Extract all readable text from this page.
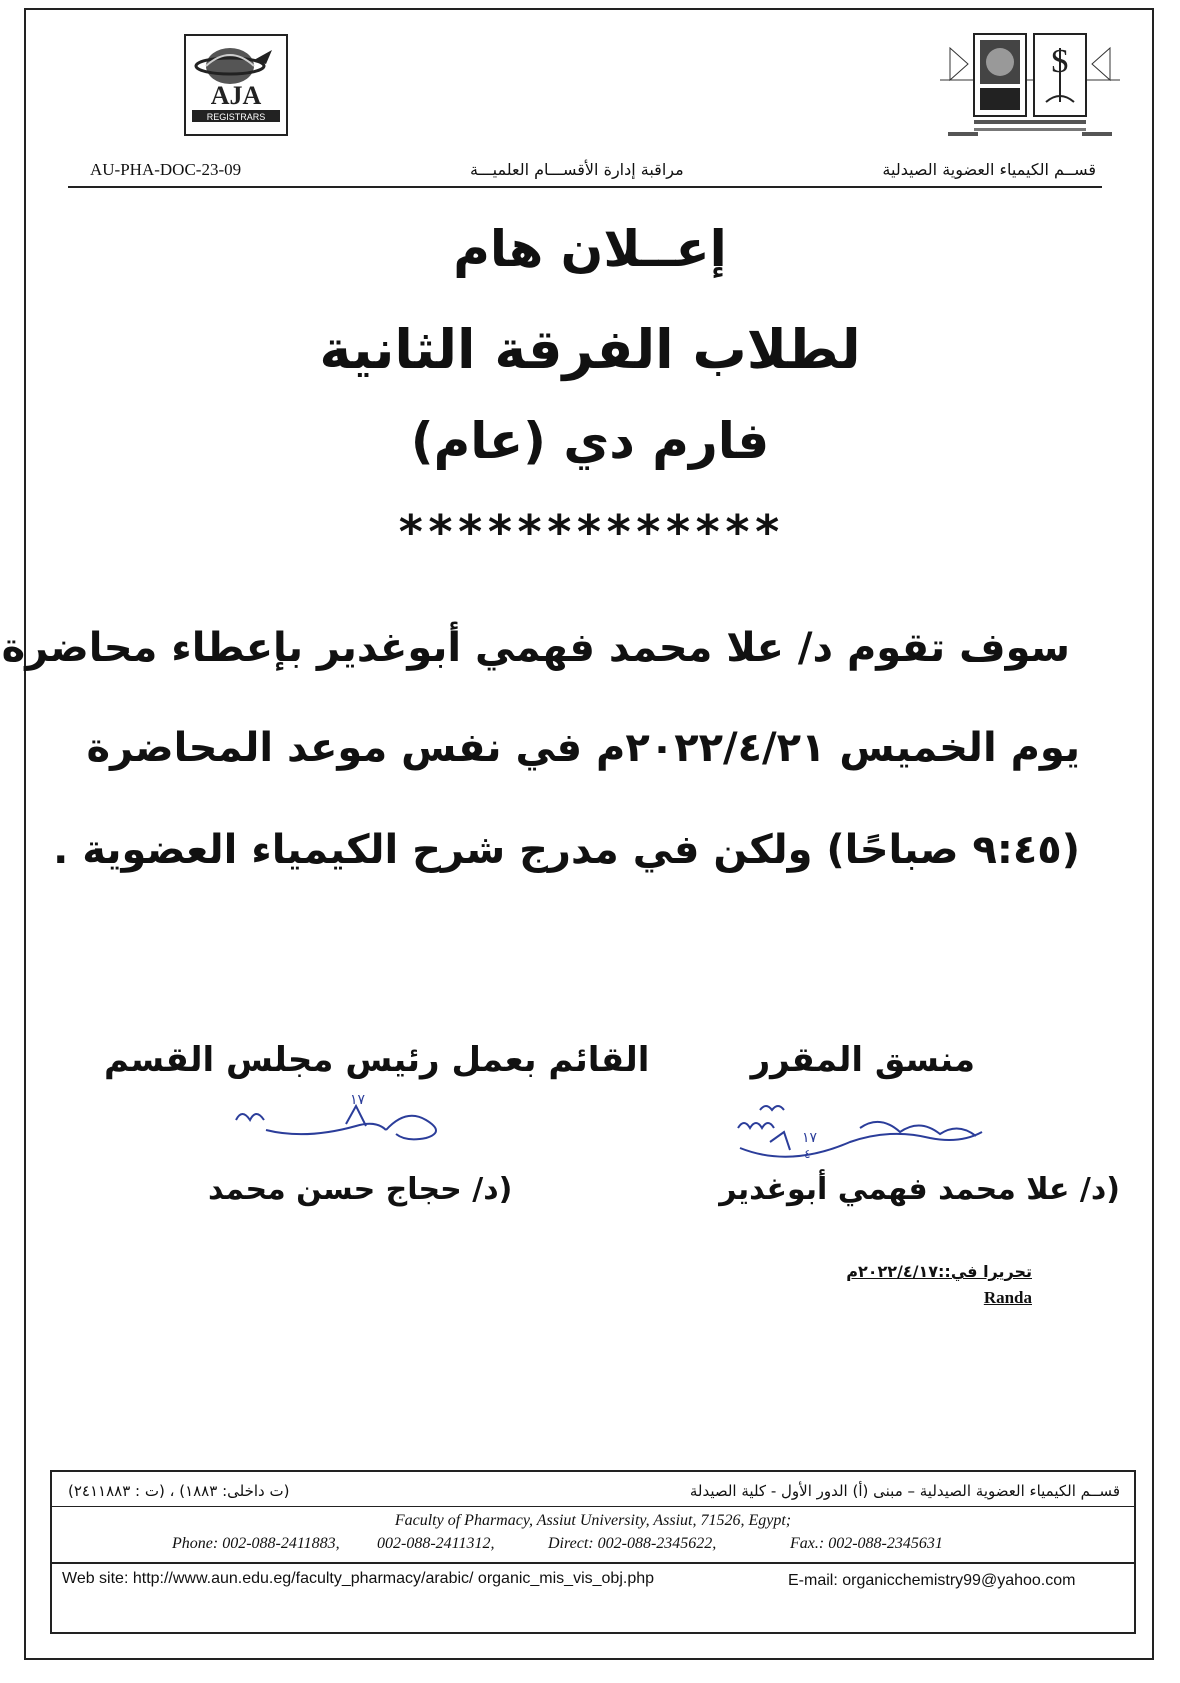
AJA
REGISTRARS
S
AU-PHA-DOC-23-09	مراقبة إدارة الأقســـام العلميـــة	قســم الكيمياء العضوية الصيدلية
إعــلان هام
لطلاب الفرقة الثانية
فارم دي (عام)
*************
سوف تقوم د/ علا محمد فهمي أبوغدير بإعطاء محاضرة
يوم الخميس ٢٠٢٢/٤/٢١م في نفس موعد المحاضرة
(٩:٤٥ صباحًا) ولكن في مدرج شرح الكيمياء العضوية .
منسق المقرر
القائم بعمل رئيس مجلس القسم
١٧
٤
١٧
(د/ علا محمد فهمي أبوغدير
(د/ حجاج حسن محمد
تحريرا في::٢٠٢٢/٤/١٧م
Randa
قســم الكيمياء العضوية الصيدلية – مبنى (أ) الدور الأول - كلية الصيدلة
(ت داخلى: ١٨٨٣) ، (ت : ٢٤١١٨٨٣)
Faculty of Pharmacy, Assiut University, Assiut, 71526, Egypt;
Phone: 002-088-2411883, 002-088-2411312,	Direct: 002-088-2345622,	Fax.: 002-088-2345631
Web site: http://www.aun.edu.eg/faculty_pharmacy/arabic/ organic_mis_vis_obj.php	E-mail: organicchemistry99@yahoo.com
